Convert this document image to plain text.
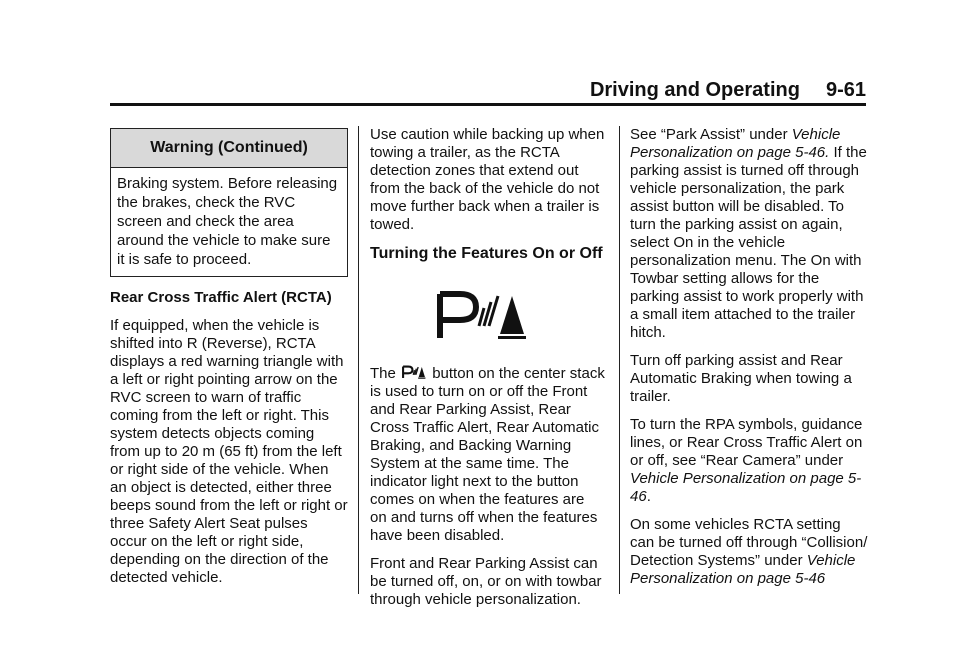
Driving and Operating 9-61
Warning (Continued)
Braking system. Before releasing the brakes, check the RVC screen and check the area around the vehicle to make sure it is safe to proceed.

Rear Cross Traffic Alert (RCTA)

If equipped, when the vehicle is shifted into R (Reverse), RCTA displays a red warning triangle with a left or right pointing arrow on the RVC screen to warn of traffic coming from the left or right. This system detects objects coming from up to 20 m (65 ft) from the left or right side of the vehicle. When an object is detected, either three beeps sound from the left or right or three Safety Alert Seat pulses occur on the left or right side, depending on the direction of the detected vehicle.

Use caution while backing up when towing a trailer, as the RCTA detection zones that extend out from the back of the vehicle do not move further back when a trailer is towed.

Turning the Features On or Off

The button on the center stack is used to turn on or off the Front and Rear Parking Assist, Rear Cross Traffic Alert, Rear Automatic Braking, and Backing Warning System at the same time. The indicator light next to the button comes on when the features are on and turns off when the features have been disabled.

Front and Rear Parking Assist can be turned off, on, or on with towbar through vehicle personalization.

See “Park Assist” under Vehicle Personalization on page 5-46. If the parking assist is turned off through vehicle personalization, the park assist button will be disabled. To turn the parking assist on again, select On in the vehicle personalization menu. The On with Towbar setting allows for the parking assist to work properly with a small item attached to the trailer hitch.

Turn off parking assist and Rear Automatic Braking when towing a trailer.

To turn the RPA symbols, guidance lines, or Rear Cross Traffic Alert on or off, see “Rear Camera” under Vehicle Personalization on page 5-46.

On some vehicles RCTA setting can be turned off through “Collision/ Detection Systems” under Vehicle Personalization on page 5-46
